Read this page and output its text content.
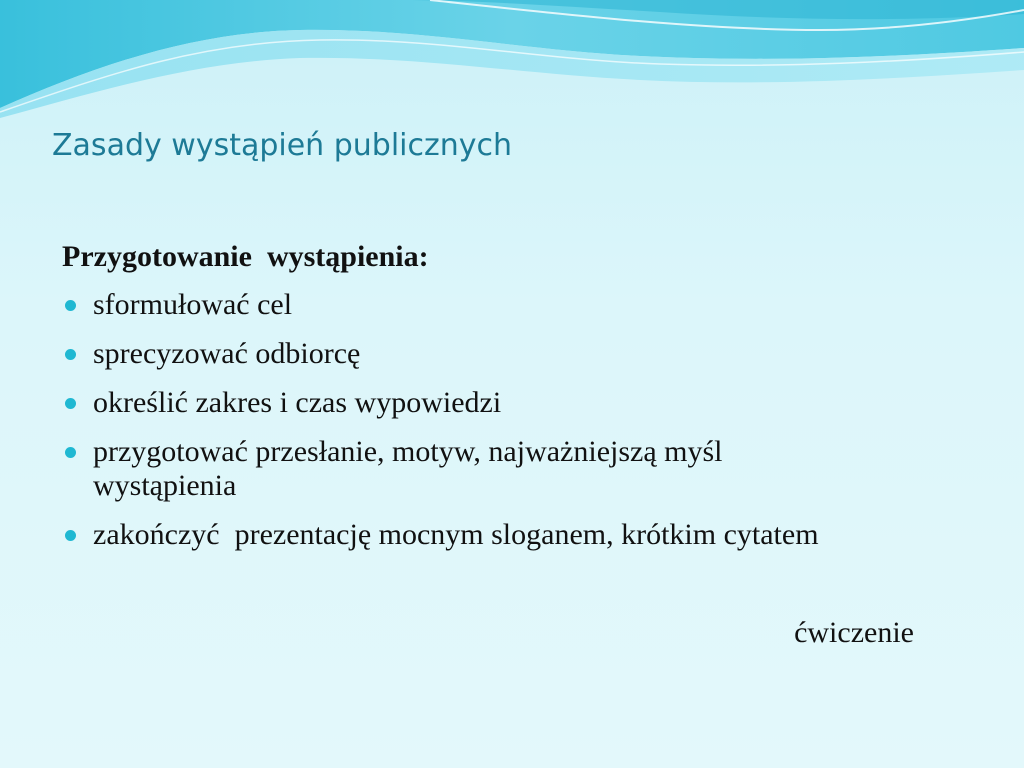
Zasady wystąpień publicznych

Przygotowanie  wystąpienia:

sformułować cel
sprecyzować odbiorcę
określić zakres i czas wypowiedzi
przygotować przesłanie, motyw, najważniejszą myśl wystąpienia
zakończyć  prezentację mocnym sloganem, krótkim cytatem
ćwiczenie
